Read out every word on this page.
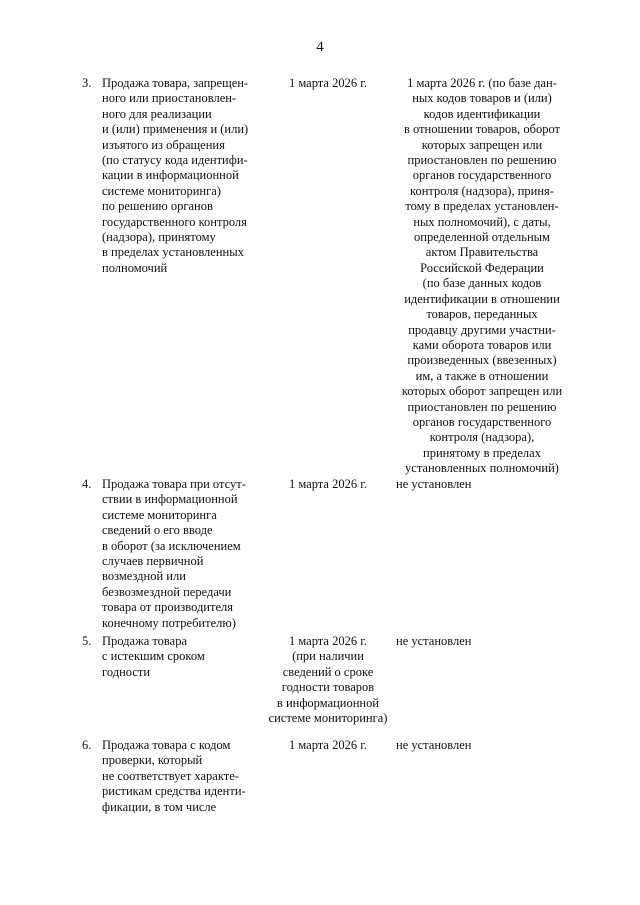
4
3. Продажа товара, запрещен-
ного или приостановлен-
ного для реализации
и (или) применения и (или)
изъятого из обращения
(по статусу кода идентифи-
кации в информационной
системе мониторинга)
по решению органов
государственного контроля
(надзора), принятому
в пределах установленных
полномочий
1 марта 2026 г.	1 марта 2026 г. (по базе дан-
ных кодов товаров и (или)
кодов идентификации
в отношении товаров, оборот
которых запрещен или
приостановлен по решению
органов государственного
контроля (надзора), приня-
тому в пределах установлен-
ных полномочий), с даты,
определенной отдельным
актом Правительства
Российской Федерации
(по базе данных кодов
идентификации в отношении
товаров, переданных
продавцу другими участни-
ками оборота товаров или
произведенных (ввезенных)
им, а также в отношении
которых оборот запрещен или
приостановлен по решению
органов государственного
контроля (надзора),
принятому в пределах
установленных полномочий)
4. Продажа товара при отсут-
ствии в информационной
системе мониторинга
сведений о его вводе
в оборот (за исключением
случаев первичной
возмездной или
безвозмездной передачи
товара от производителя
конечному потребителю)
1 марта 2026 г.	не установлен
5. Продажа товара
с истекшим сроком
годности
1 марта 2026 г.
(при наличии
сведений о сроке
годности товаров
в информационной
системе мониторинга)
не установлен
6. Продажа товара с кодом
проверки, который
не соответствует характе-
ристикам средства иденти-
фикации, в том числе
1 марта 2026 г.	не установлен
